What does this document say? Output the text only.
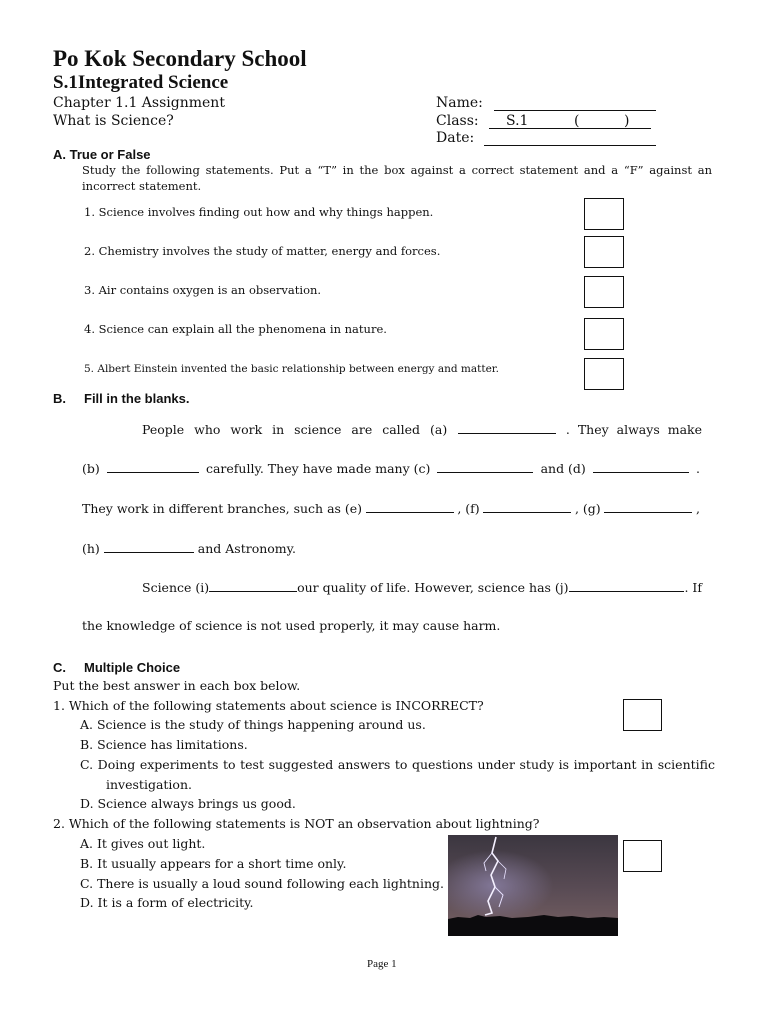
Po Kok Secondary School
S.1Integrated Science
Chapter 1.1 Assignment
What is Science?
Name:
Class: S.1	(	)
Date:
A. True or False
Study the following statements. Put a “T” in the box against a correct statement and a “F” against an
incorrect statement.
1. Science involves finding out how and why things happen.
2. Chemistry involves the study of matter, energy and forces.
3. Air contains oxygen is an observation.
4. Science can explain all the phenomena in nature.
5. Albert Einstein invented the basic relationship between energy and matter.
B. Fill in the blanks.
People who work in science are called (a)	. They always make
(b)	carefully. They have made many (c)	and (d)	.
They work in different branches, such as (e)	, (f)	, (g)	,
(h)	and Astronomy.
Science (i)	our quality of life. However, science has (j)	. If
the knowledge of science is not used properly, it may cause harm.
C. Multiple Choice
Put the best answer in each box below.
1. Which of the following statements about science is INCORRECT?
A. Science is the study of things happening around us.
B. Science has limitations.
C. Doing experiments to test suggested answers to questions under study is important in scientific
investigation.
D. Science always brings us good.
2. Which of the following statements is NOT an observation about lightning?
A. It gives out light.
B. It usually appears for a short time only.
C. There is usually a loud sound following each lightning.
D. It is a form of electricity.
Page 1
